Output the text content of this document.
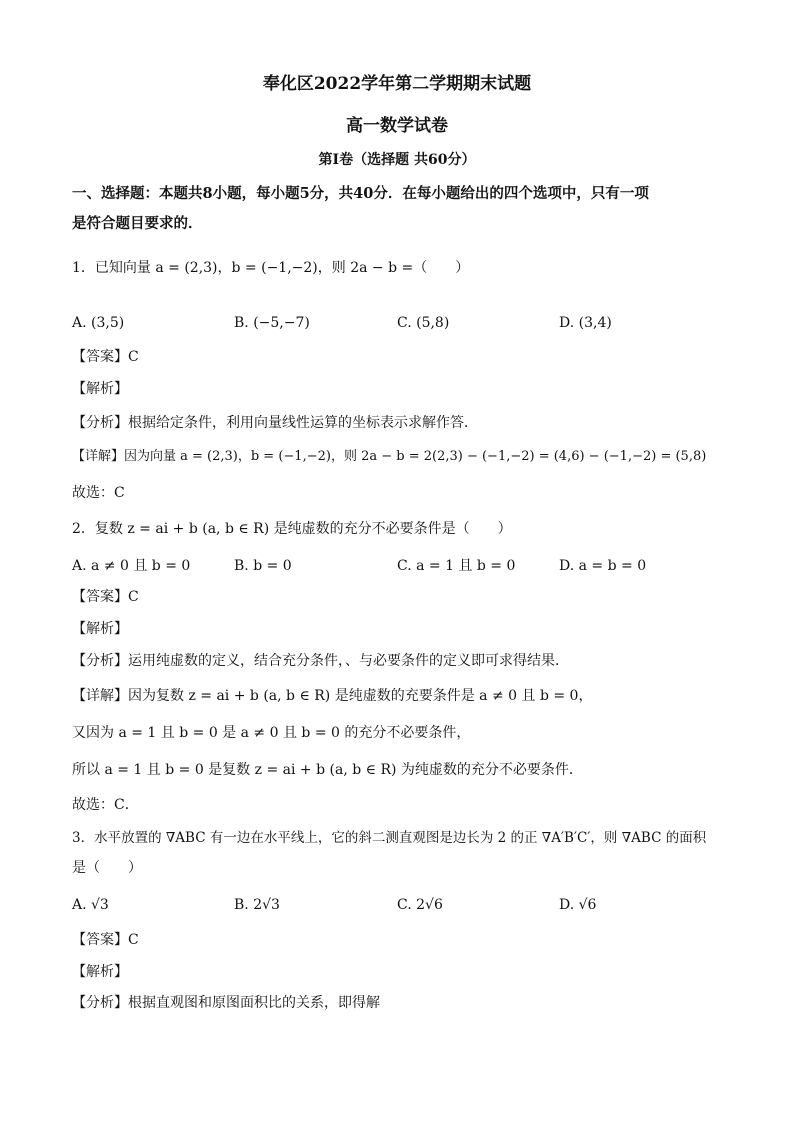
奉化区2022学年第二学期期末试题
高一数学试卷
第Ⅰ卷（选择题 共60分）
一、选择题：本题共8小题，每小题5分，共40分．在每小题给出的四个选项中，只有一项
是符合题目要求的．
1．已知向量 a = (2,3)，b = (−1,−2)，则 2a − b =（　　）
A. (3,5)	B. (−5,−7)	C. (5,8)	D. (3,4)
【答案】C
【解析】
【分析】根据给定条件，利用向量线性运算的坐标表示求解作答．
【详解】因为向量 a = (2,3)，b = (−1,−2)，则 2a − b = 2(2,3) − (−1,−2) = (4,6) − (−1,−2) = (5,8)
故选：C
2．复数 z = ai + b (a, b ∈ R) 是纯虚数的充分不必要条件是（　　）
A. a ≠ 0 且 b = 0	B. b = 0	C. a = 1 且 b = 0	D. a = b = 0
【答案】C
【解析】
【分析】运用纯虚数的定义，结合充分条件，、与必要条件的定义即可求得结果．
【详解】因为复数 z = ai + b (a, b ∈ R) 是纯虚数的充要条件是 a ≠ 0 且 b = 0，
又因为 a = 1 且 b = 0 是 a ≠ 0 且 b = 0 的充分不必要条件，
所以 a = 1 且 b = 0 是复数 z = ai + b (a, b ∈ R) 为纯虚数的充分不必要条件．
故选：C．
3．水平放置的 ∇ABC 有一边在水平线上，它的斜二测直观图是边长为 2 的正 ∇A′B′C′，则 ∇ABC 的面积
是（　　）
A. √3	B. 2√3	C. 2√6	D. √6
【答案】C
【解析】
【分析】根据直观图和原图面积比的关系，即得解
